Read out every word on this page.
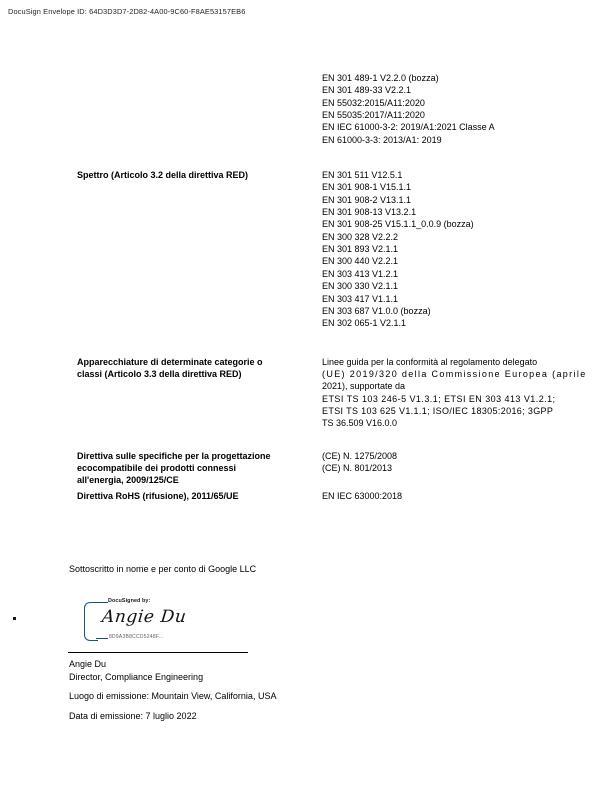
DocuSign Envelope ID: 64D3D3D7-2D82-4A00-9C60-F8AE53157EB6
EN 301 489-1 V2.2.0 (bozza)
EN 301 489-33 V2.2.1
EN 55032:2015/A11:2020
EN 55035:2017/A11:2020
EN IEC 61000-3-2: 2019/A1:2021 Classe A
EN 61000-3-3: 2013/A1: 2019
Spettro (Articolo 3.2 della direttiva RED)	EN 301 511 V12.5.1
EN 301 908-1 V15.1.1
EN 301 908-2 V13.1.1
EN 301 908-13 V13.2.1
EN 301 908-25 V15.1.1_0.0.9 (bozza)
EN 300 328 V2.2.2
EN 301 893 V2.1.1
EN 300 440 V2.2.1
EN 303 413 V1.2.1
EN 300 330 V2.1.1
EN 303 417 V1.1.1
EN 303 687 V1.0.0 (bozza)
EN 302 065-1 V2.1.1
Apparecchiature di determinate categorie o
classi (Articolo 3.3 della direttiva RED)
Linee guida per la conformità al regolamento delegato
(UE) 2019/320 della Commissione Europea (aprile
2021), supportate da
ETSI TS 103 246-5 V1.3.1; ETSI EN 303 413 V1.2.1;
ETSI TS 103 625 V1.1.1; ISO/IEC 18305:2016; 3GPP
TS 36.509 V16.0.0
Direttiva sulle specifiche per la progettazione
ecocompatibile dei prodotti connessi
all'energia, 2009/125/CE
(CE) N. 1275/2008
(CE) N. 801/2013
Direttiva RoHS (rifusione), 2011/65/UE	EN IEC 63000:2018
Sottoscritto in nome e per conto di Google LLC
DocuSigned by:
Angie Du
8D9A3B8CCD5248F...
Angie Du
Director, Compliance Engineering
Luogo di emissione: Mountain View, California, USA
Data di emissione: 7 luglio 2022
